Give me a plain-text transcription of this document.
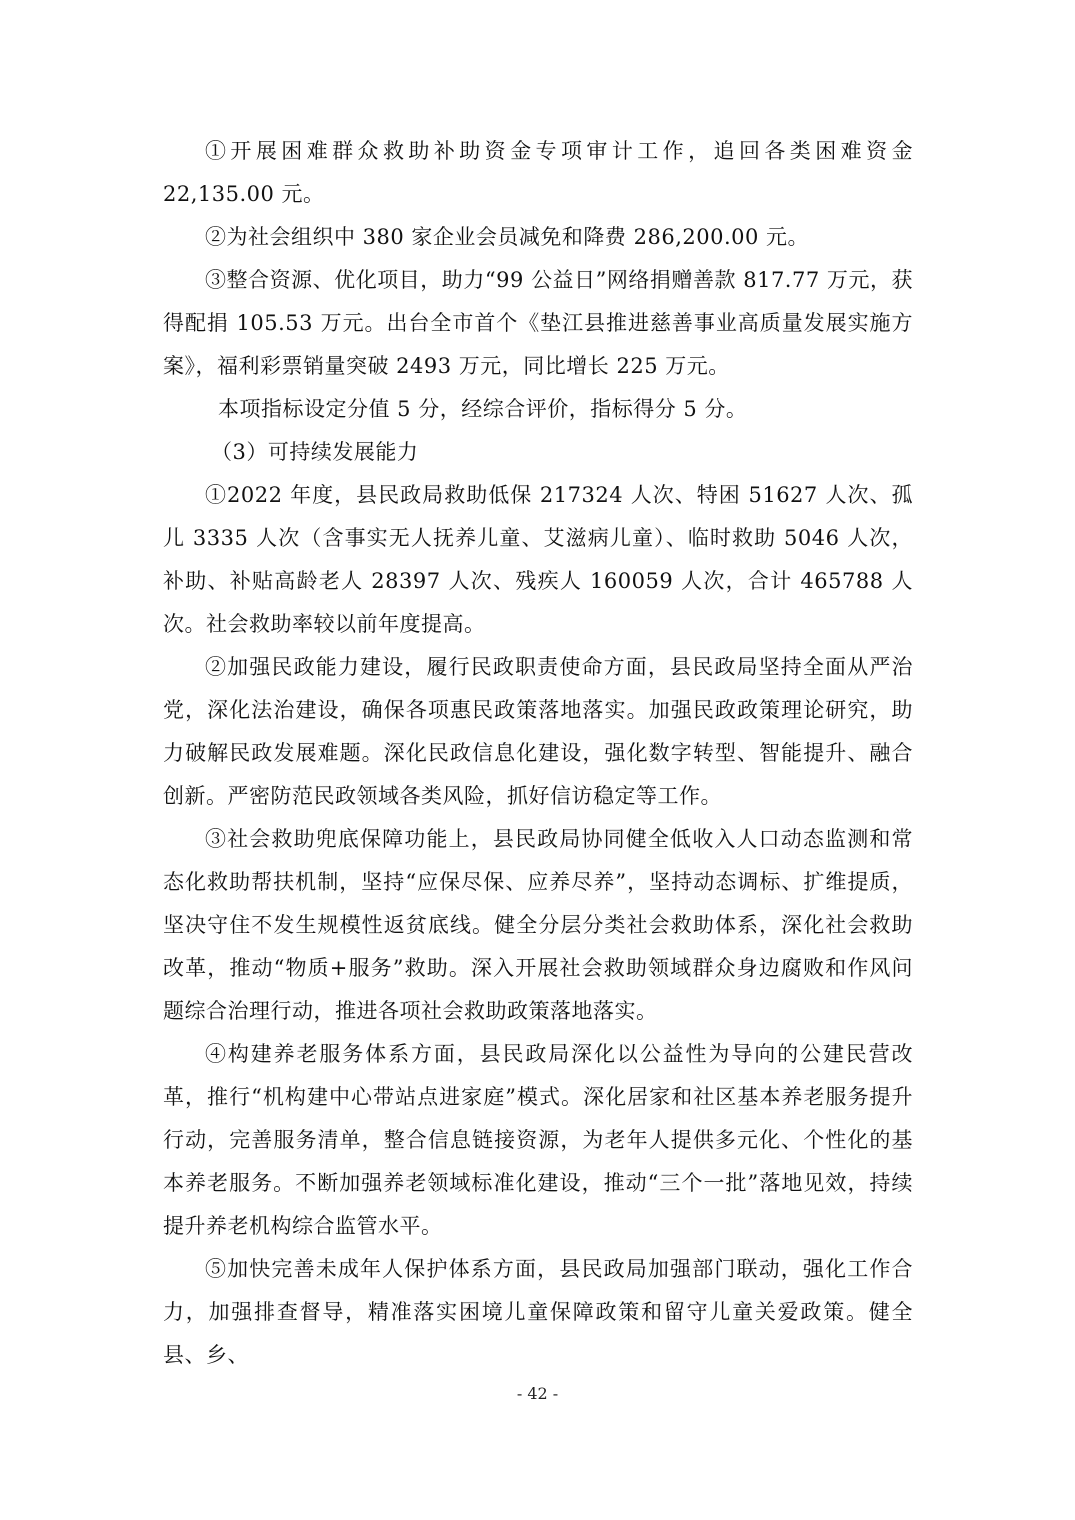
①开展困难群众救助补助资金专项审计工作，追回各类困难资金 22,135.00 元。

②为社会组织中 380 家企业会员减免和降费 286,200.00 元。

③整合资源、优化项目，助力“99 公益日”网络捐赠善款 817.77 万元，获得配捐 105.53 万元。出台全市首个《垫江县推进慈善事业高质量发展实施方案》，福利彩票销量突破 2493 万元，同比增长 225 万元。

本项指标设定分值 5 分，经综合评价，指标得分 5 分。

（3）可持续发展能力

①2022 年度，县民政局救助低保 217324 人次、特困 51627 人次、孤儿 3335 人次（含事实无人抚养儿童、艾滋病儿童）、临时救助 5046 人次，补助、补贴高龄老人 28397 人次、残疾人 160059 人次，合计 465788 人次。社会救助率较以前年度提高。

②加强民政能力建设，履行民政职责使命方面，县民政局坚持全面从严治党，深化法治建设，确保各项惠民政策落地落实。加强民政政策理论研究，助力破解民政发展难题。深化民政信息化建设，强化数字转型、智能提升、融合创新。严密防范民政领域各类风险，抓好信访稳定等工作。

③社会救助兜底保障功能上，县民政局协同健全低收入人口动态监测和常态化救助帮扶机制，坚持“应保尽保、应养尽养”，坚持动态调标、扩维提质，坚决守住不发生规模性返贫底线。健全分层分类社会救助体系，深化社会救助改革，推动“物质+服务”救助。深入开展社会救助领域群众身边腐败和作风问题综合治理行动，推进各项社会救助政策落地落实。

④构建养老服务体系方面，县民政局深化以公益性为导向的公建民营改革，推行“机构建中心带站点进家庭”模式。深化居家和社区基本养老服务提升行动，完善服务清单，整合信息链接资源，为老年人提供多元化、个性化的基本养老服务。不断加强养老领域标准化建设，推动“三个一批”落地见效，持续提升养老机构综合监管水平。

⑤加快完善未成年人保护体系方面，县民政局加强部门联动，强化工作合力，加强排查督导，精准落实困境儿童保障政策和留守儿童关爱政策。健全县、乡、

- 42 -
